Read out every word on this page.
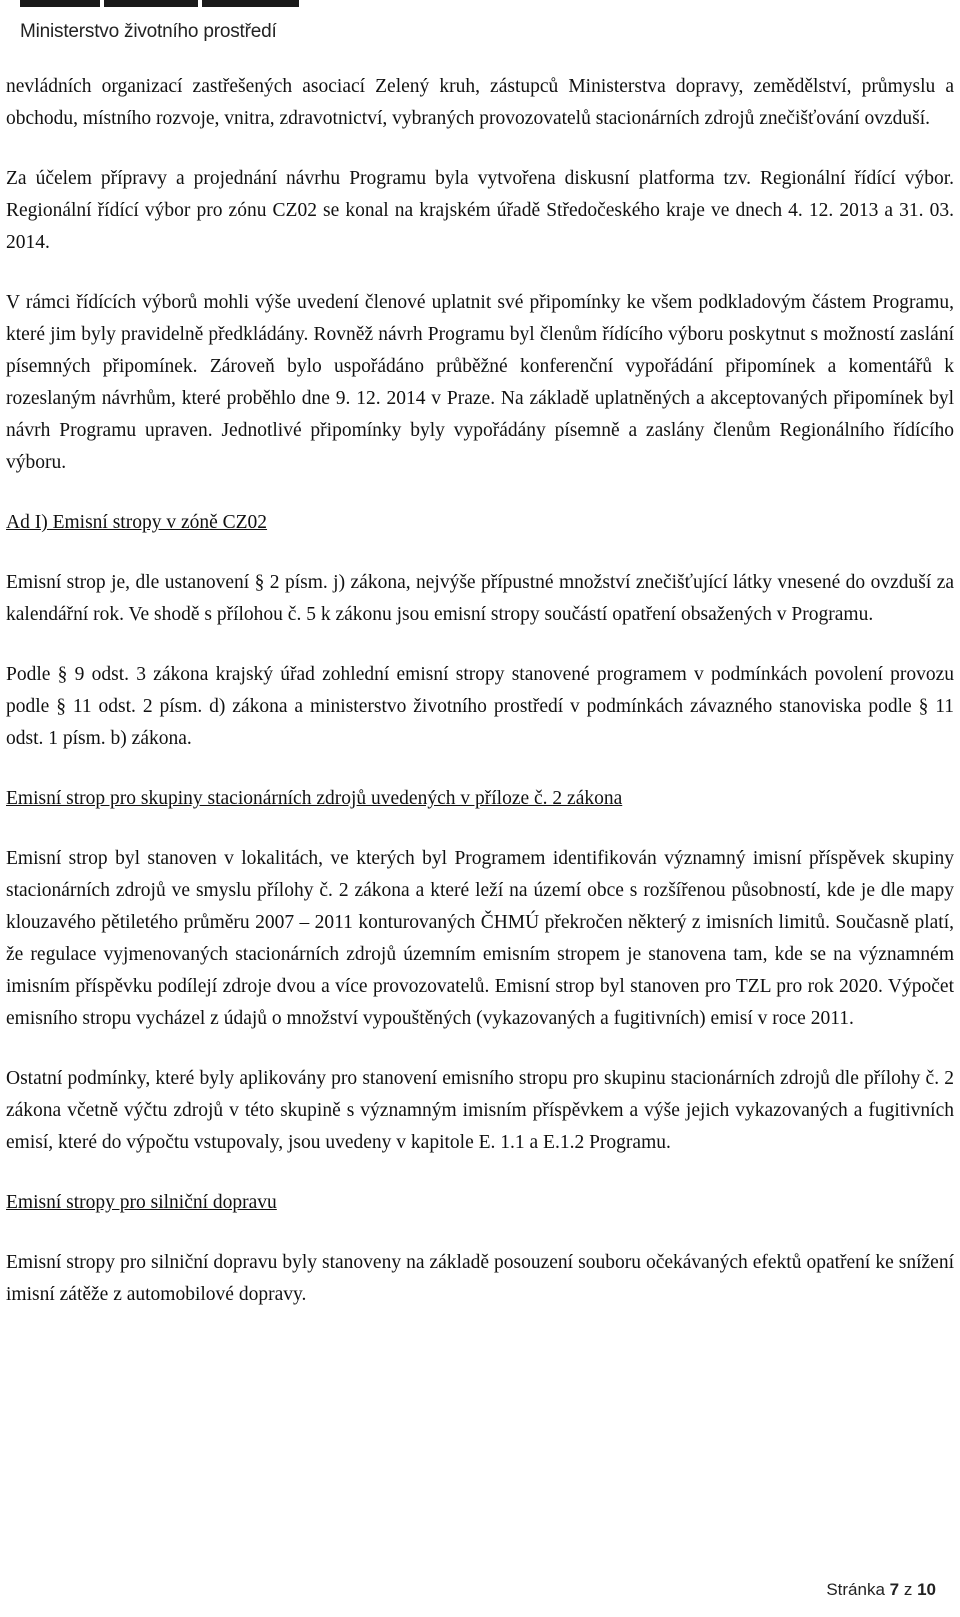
Ministerstvo životního prostředí

nevládních organizací zastřešených asociací Zelený kruh, zástupců Ministerstva dopravy, zemědělství, průmyslu a obchodu, místního rozvoje, vnitra, zdravotnictví, vybraných provozovatelů stacionárních zdrojů znečišťování ovzduší.

Za účelem přípravy a projednání návrhu Programu byla vytvořena diskusní platforma tzv. Regionální řídící výbor. Regionální řídící výbor pro zónu CZ02 se konal na krajském úřadě Středočeského kraje ve dnech 4. 12. 2013 a 31. 03. 2014.

V rámci řídících výborů mohli výše uvedení členové uplatnit své připomínky ke všem podkladovým částem Programu, které jim byly pravidelně předkládány. Rovněž návrh Programu byl členům řídícího výboru poskytnut s možností zaslání písemných připomínek. Zároveň bylo uspořádáno průběžné konferenční vypořádání připomínek a komentářů k rozeslaným návrhům, které proběhlo dne 9. 12. 2014 v Praze. Na základě uplatněných a akceptovaných připomínek byl návrh Programu upraven. Jednotlivé připomínky byly vypořádány písemně a zaslány členům Regionálního řídícího výboru.

Ad I) Emisní stropy v zóně CZ02

Emisní strop je, dle ustanovení § 2 písm. j) zákona, nejvýše přípustné množství znečišťující látky vnesené do ovzduší za kalendářní rok. Ve shodě s přílohou č. 5 k zákonu jsou emisní stropy součástí opatření obsažených v Programu.

Podle § 9 odst. 3 zákona krajský úřad zohlední emisní stropy stanovené programem v podmínkách povolení provozu podle § 11 odst. 2 písm. d) zákona a ministerstvo životního prostředí v podmínkách závazného stanoviska podle § 11 odst. 1 písm. b) zákona.

Emisní strop pro skupiny stacionárních zdrojů uvedených v příloze č. 2 zákona

Emisní strop byl stanoven v lokalitách, ve kterých byl Programem identifikován významný imisní příspěvek skupiny stacionárních zdrojů ve smyslu přílohy č. 2 zákona a které leží na území obce s rozšířenou působností, kde je dle mapy klouzavého pětiletého průměru 2007 – 2011 konturovaných ČHMÚ překročen některý z imisních limitů. Současně platí, že regulace vyjmenovaných stacionárních zdrojů územním emisním stropem je stanovena tam, kde se na významném imisním příspěvku podílejí zdroje dvou a více provozovatelů. Emisní strop byl stanoven pro TZL pro rok 2020. Výpočet emisního stropu vycházel z údajů o množství vypouštěných (vykazovaných a fugitivních) emisí v roce 2011.

Ostatní podmínky, které byly aplikovány pro stanovení emisního stropu pro skupinu stacionárních zdrojů dle přílohy č. 2 zákona včetně výčtu zdrojů v této skupině s významným imisním příspěvkem a výše jejich vykazovaných a fugitivních emisí, které do výpočtu vstupovaly, jsou uvedeny v kapitole E. 1.1 a E.1.2 Programu.

Emisní stropy pro silniční dopravu

Emisní stropy pro silniční dopravu byly stanoveny na základě posouzení souboru očekávaných efektů opatření ke snížení imisní zátěže z automobilové dopravy.

Stránka 7 z 10
